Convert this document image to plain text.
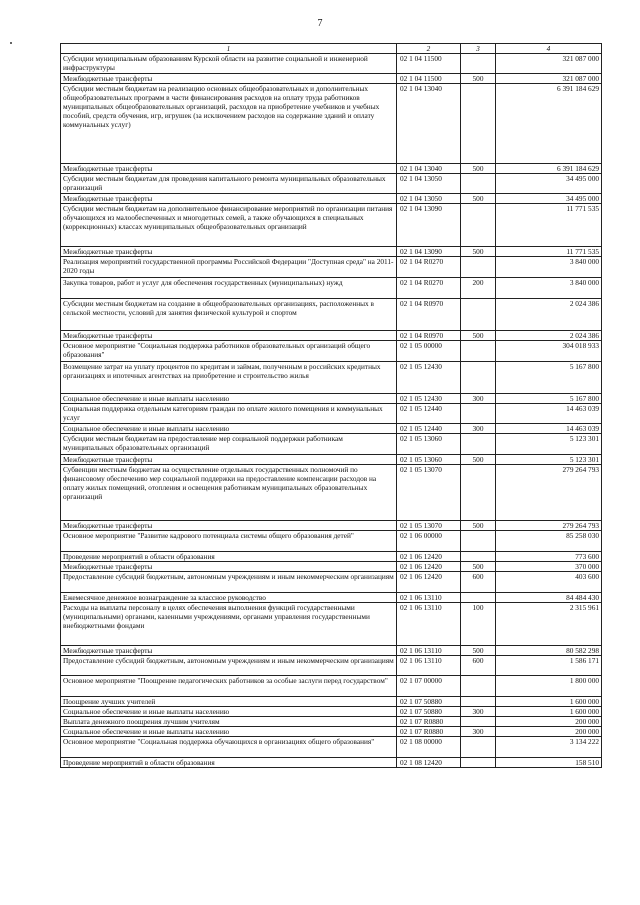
7
1	2	3	4
Субсидии муниципальным образованиям Курской области на развитие социальной и инженерной инфраструктуры	02 1 04 11500		321 087 000
Межбюджетные трансферты	02 1 04 11500	500	321 087 000
Субсидии местным бюджетам на реализацию основных общеобразовательных и дополнительных общеобразовательных программ в части финансирования расходов на оплату труда работников муниципальных общеобразовательных организаций, расходов на приобретение учебников и учебных пособий, средств обучения, игр, игрушек (за исключением расходов на содержание зданий и оплату коммунальных услуг)	02 1 04 13040		6 391 184 629
Межбюджетные трансферты	02 1 04 13040	500	6 391 184 629
Субсидии местным бюджетам для проведения капитального ремонта муниципальных образовательных организаций	02 1 04 13050		34 495 000
Межбюджетные трансферты	02 1 04 13050	500	34 495 000
Субсидии местным бюджетам на дополнительное финансирование мероприятий по организации питания обучающихся из малообеспеченных и многодетных семей, а также обучающихся в специальных (коррекционных) классах муниципальных общеобразовательных организаций	02 1 04 13090		11 771 535
Межбюджетные трансферты	02 1 04 13090	500	11 771 535
Реализация мероприятий государственной программы Российской Федерации "Доступная среда" на 2011-2020 годы	02 1 04 R0270		3 840 000
Закупка товаров, работ и услуг для обеспечения государственных (муниципальных) нужд	02 1 04 R0270	200	3 840 000
Субсидии местным бюджетам на создание в общеобразовательных организациях, расположенных в сельской местности, условий для занятия физической культурой и спортом	02 1 04 R0970		2 024 386
Межбюджетные трансферты	02 1 04 R0970	500	2 024 386
Основное мероприятие "Социальная поддержка работников образовательных организаций общего образования"	02 1 05 00000		304 018 933
Возмещение затрат на уплату процентов по кредитам и займам, полученным в российских кредитных организациях и ипотечных агентствах на приобретение и строительство жилья	02 1 05 12430		5 167 800
Социальное обеспечение и иные выплаты населению	02 1 05 12430	300	5 167 800
Социальная поддержка отдельным категориям граждан по оплате жилого помещения и коммунальных услуг	02 1 05 12440		14 463 039
Социальное обеспечение и иные выплаты населению	02 1 05 12440	300	14 463 039
Субсидии местным бюджетам на предоставление мер социальной поддержки работникам муниципальных образовательных организаций	02 1 05 13060		5 123 301
Межбюджетные трансферты	02 1 05 13060	500	5 123 301
Субвенции местным бюджетам на осуществление отдельных государственных полномочий по финансовому обеспечению мер социальной поддержки на предоставление компенсации расходов на оплату жилых помещений, отопления и освещения работникам муниципальных образовательных организаций	02 1 05 13070		279 264 793
Межбюджетные трансферты	02 1 05 13070	500	279 264 793
Основное мероприятие "Развитие кадрового потенциала системы общего образования детей"	02 1 06 00000		85 258 030
Проведение мероприятий в области образования	02 1 06 12420		773 600
Межбюджетные трансферты	02 1 06 12420	500	370 000
Предоставление субсидий бюджетным, автономным учреждениям и иным некоммерческим организациям	02 1 06 12420	600	403 600
Ежемесячное денежное вознаграждение за классное руководство	02 1 06 13110		84 484 430
Расходы на выплаты персоналу в целях обеспечения выполнения функций государственными (муниципальными) органами, казенными учреждениями, органами управления государственными внебюджетными фондами	02 1 06 13110	100	2 315 961
Межбюджетные трансферты	02 1 06 13110	500	80 582 298
Предоставление субсидий бюджетным, автономным учреждениям и иным некоммерческим организациям	02 1 06 13110	600	1 586 171
Основное мероприятие "Поощрение педагогических работников за особые заслуги перед государством"	02 1 07 00000		1 800 000
Поощрение лучших учителей	02 1 07 50880		1 600 000
Социальное обеспечение и иные выплаты населению	02 1 07 50880	300	1 600 000
Выплата денежного поощрения лучшим учителям	02 1 07 R0880		200 000
Социальное обеспечение и иные выплаты населению	02 1 07 R0880	300	200 000
Основное мероприятие "Социальная поддержка обучающихся в организациях общего образования"	02 1 08 00000		3 134 222
Проведение мероприятий в области образования	02 1 08 12420		158 510
